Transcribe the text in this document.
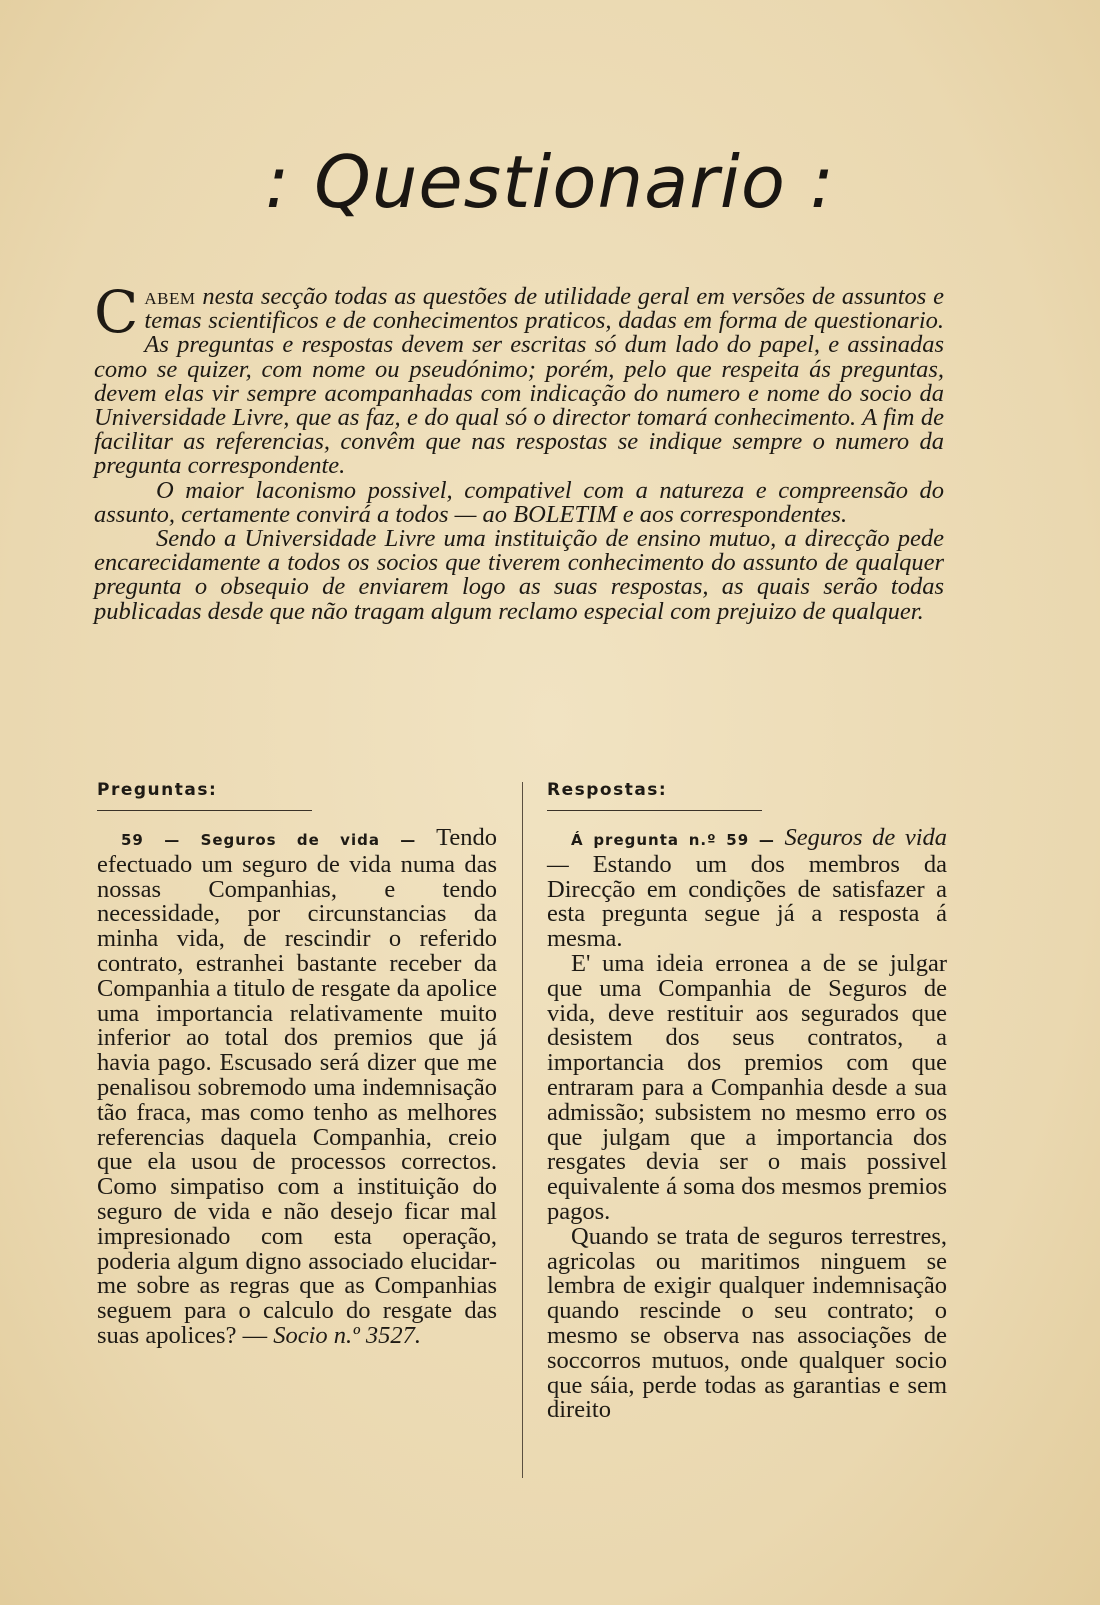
: Questionario :

Cabem nesta secção todas as questões de utilidade geral em versões de assuntos e temas scientificos e de conhecimentos praticos, dadas em forma de questionario. As preguntas e respostas devem ser escritas só dum lado do papel, e assinadas como se quizer, com nome ou pseudónimo; porém, pelo que respeita ás preguntas, devem elas vir sempre acompanhadas com indicação do numero e nome do socio da Universidade Livre, que as faz, e do qual só o director tomará conhecimento. A fim de facilitar as referencias, convêm que nas respostas se indique sempre o numero da pregunta correspondente.

O maior laconismo possivel, compativel com a natureza e compreensão do assunto, certamente convirá a todos — ao BOLETIM e aos correspondentes.

Sendo a Universidade Livre uma instituição de ensino mutuo, a direcção pede encarecidamente a todos os socios que tiverem conhecimento do assunto de qualquer pregunta o obsequio de enviarem logo as suas respostas, as quais serão todas publicadas desde que não tragam algum reclamo especial com prejuizo de qualquer.

Preguntas:

59 — Seguros de vida — Tendo efectuado um seguro de vida numa das nossas Companhias, e tendo necessidade, por circunstancias da minha vida, de rescindir o referido contrato, estranhei bastante receber da Companhia a titulo de resgate da apolice uma importancia relativamente muito inferior ao total dos premios que já havia pago. Escusado será dizer que me penalisou sobremodo uma indemnisação tão fraca, mas como tenho as melhores referencias daquela Companhia, creio que ela usou de processos correctos. Como simpatiso com a instituição do seguro de vida e não desejo ficar mal impresionado com esta operação, poderia algum digno associado elucidar-me sobre as regras que as Companhias seguem para o calculo do resgate das suas apolices? — Socio n.º 3527.

Respostas:

Á pregunta n.º 59 — Seguros de vida — Estando um dos membros da Direcção em condições de satisfazer a esta pregunta segue já a resposta á mesma.

E' uma ideia erronea a de se julgar que uma Companhia de Seguros de vida, deve restituir aos segurados que desistem dos seus contratos, a importancia dos premios com que entraram para a Companhia desde a sua admissão; subsistem no mesmo erro os que julgam que a importancia dos resgates devia ser o mais possivel equivalente á soma dos mesmos premios pagos.

Quando se trata de seguros terrestres, agricolas ou maritimos ninguem se lembra de exigir qualquer indemnisação quando rescinde o seu contrato; o mesmo se observa nas associações de soccorros mutuos, onde qualquer socio que sáia, perde todas as garantias e sem direito
